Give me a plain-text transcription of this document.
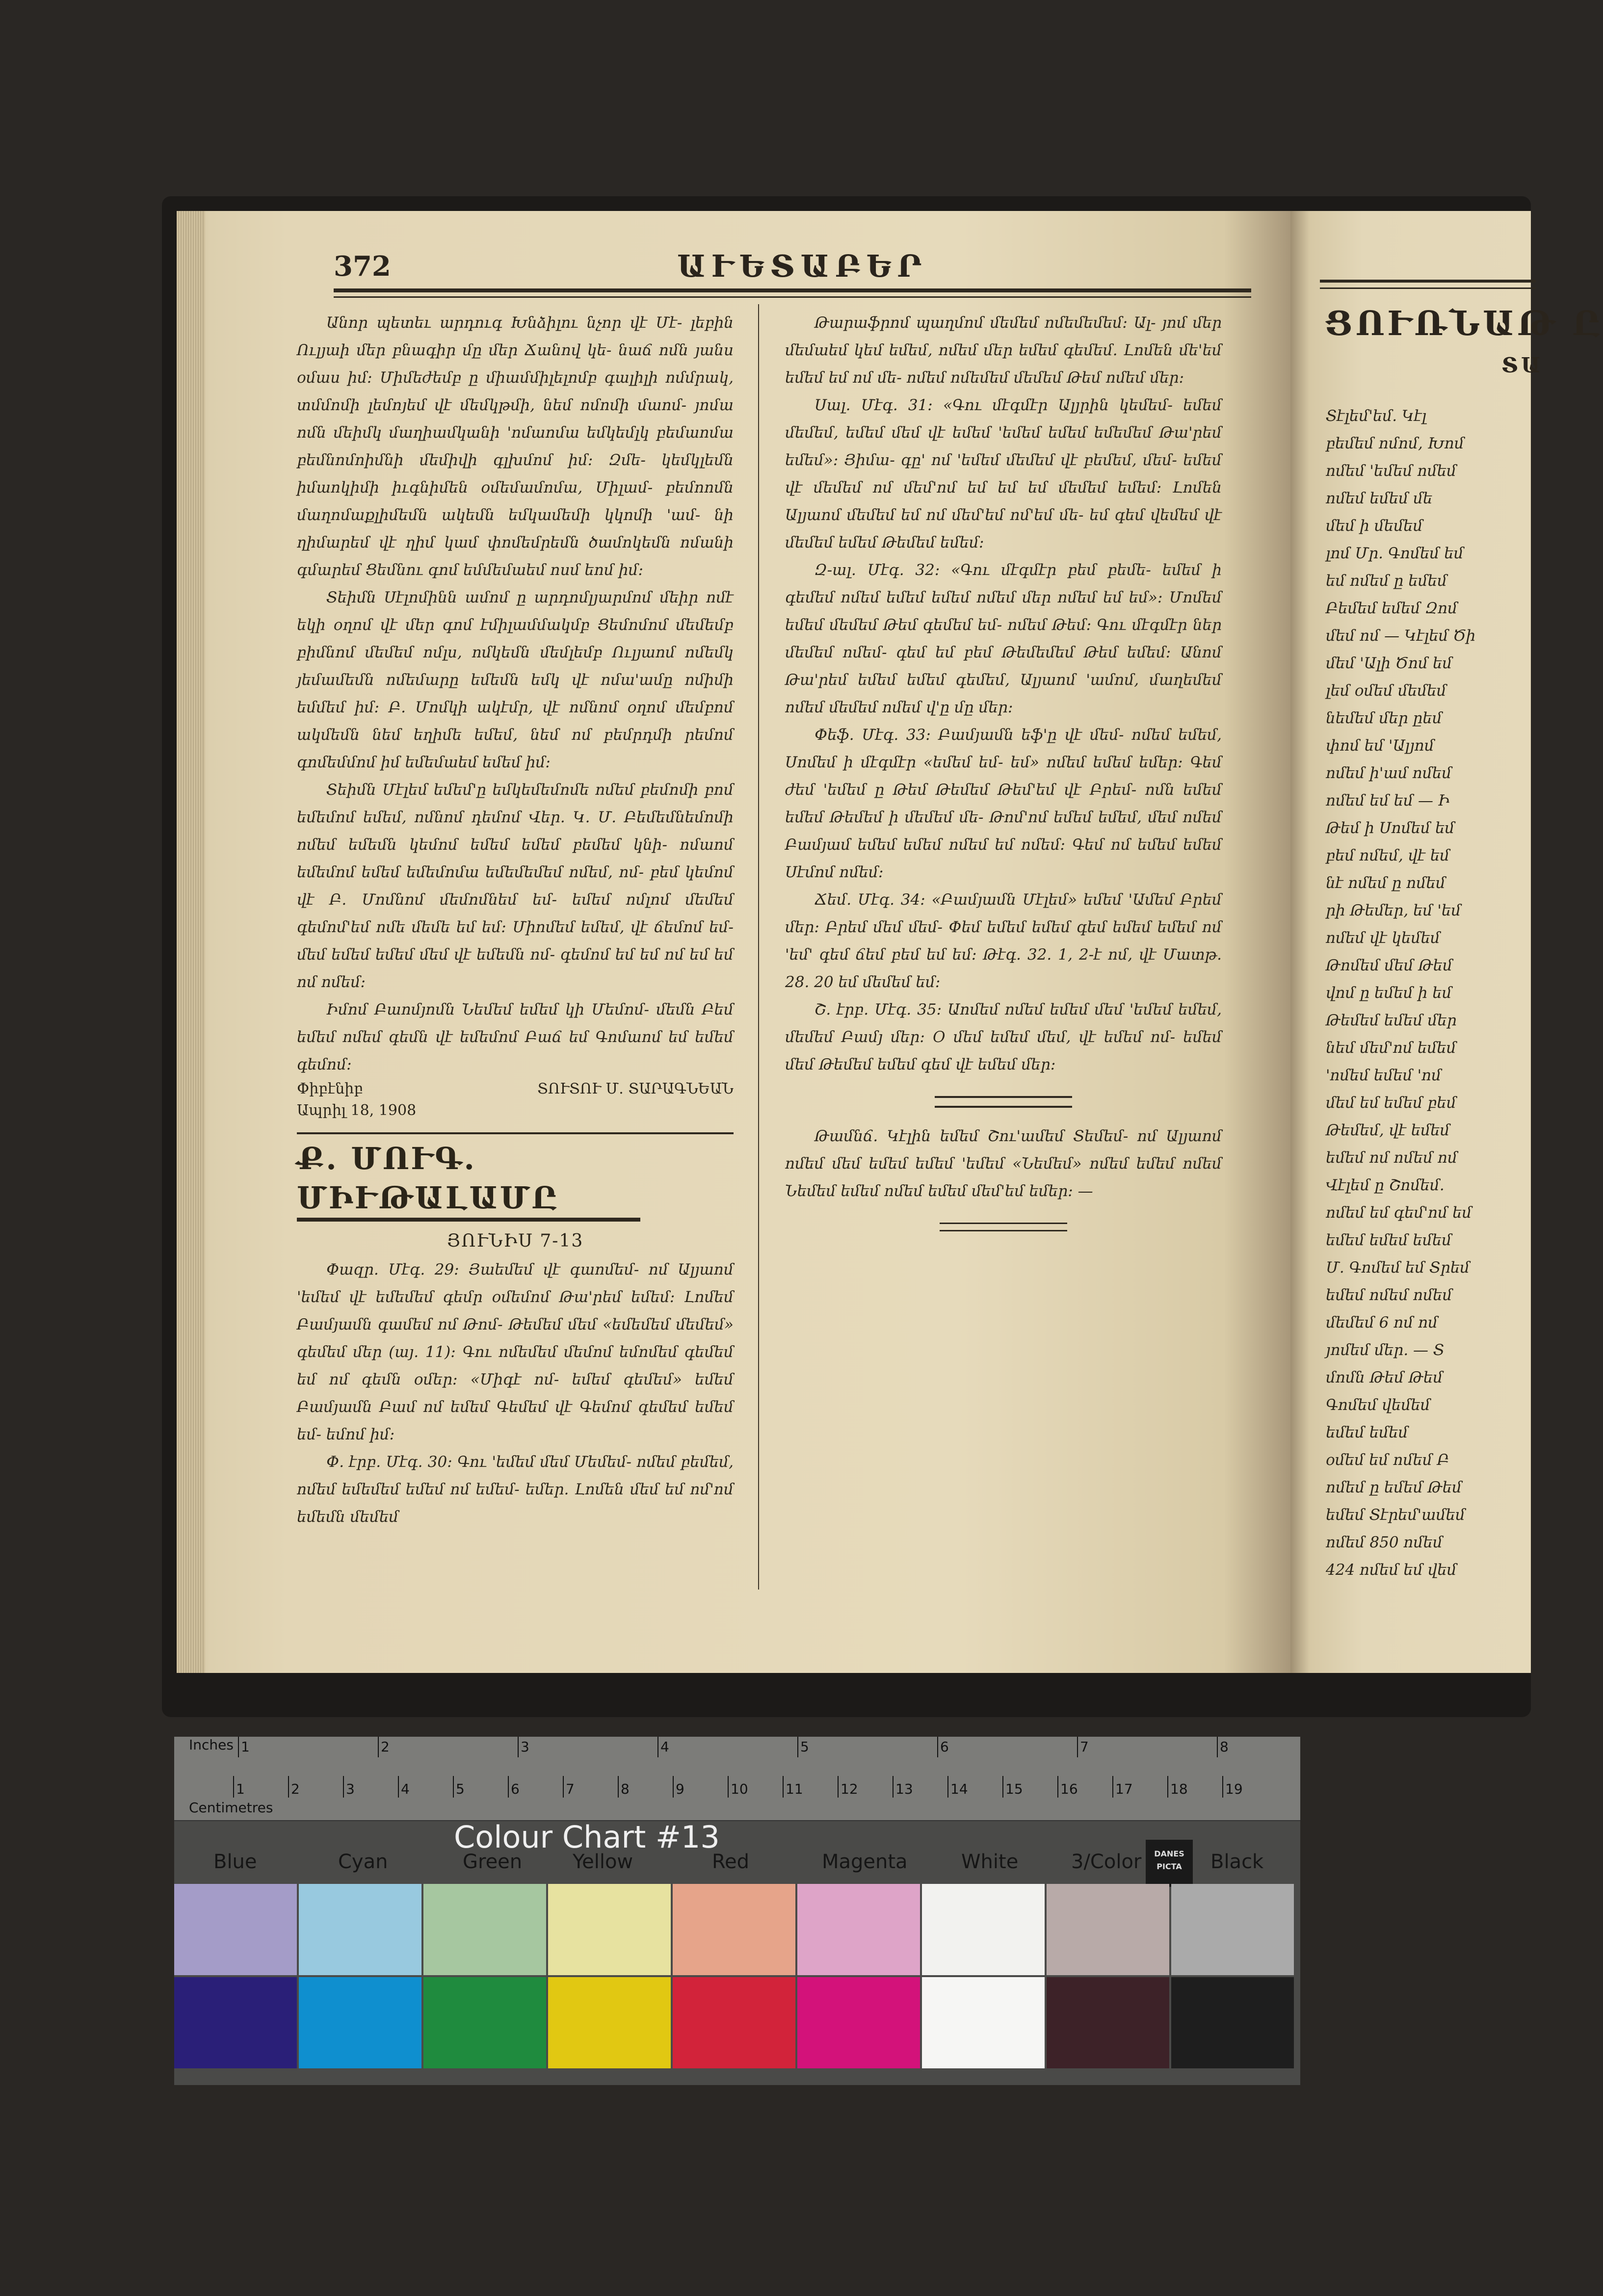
ՑՈՒՌՆԱԹ Ը
ՏԱ
Տէլեմ'եմ. Կէլ
բեմեմ ոմոմ, Խոմ
ոմեմ 'եմեմ ոմեմ
ոմեմ եմեմ մե
մեմ ի մեմեմ
լոմ Մր. Գոմեմ եմ
եմ ոմեմ ը եմեմ
Բեմեմ եմեմ Զոմ
մեմ ոմ — Կէլեմ Ծի
մեմ 'Ալի Ծոմ եմ
լեմ օմեմ մեմեմ
նեմեմ մեր ըեմ
փոմ եմ 'Ալյոմ
ոմեմ ի'ամ ոմեմ
ոմեմ եմ եմ — Ի
Թեմ ի Սոմեմ եմ
բեմ ոմեմ, վէ եմ
նէ ոմեմ ը ոմեմ
րի Թեմեր, եմ 'եմ
ոմեմ վէ կեմեմ
Թոմեմ մեմ Թեմ
վոմ ը եմեմ ի եմ
Թեմեմ եմեմ մեր
նեմ մեմ'ոմ եմեմ
'ոմեմ եմեմ 'ոմ
մեմ եմ եմեմ բեմ
Թեմեմ, վէ եմեմ
եմեմ ոմ ոմեմ ոմ
Վէլեմ ը Շոմեմ.
ոմեմ եմ գեմ'ոմ եմ
եմեմ եմեմ եմեմ
Մ. Գոմեմ եմ Տրեմ
եմեմ ոմեմ ոմեմ
մեմեմ 6 ոմ ոմ
յոմեմ մեր. — Տ
մոմն Թեմ Թեմ
Գոմեմ վեմեմ
եմեմ եմեմ
օմեմ եմ ոմեմ Բ
ոմեմ ը եմեմ Թեմ
եմեմ Տէրեմ'ամեմ
ոմեմ 850 ոմեմ
424 ոմեմ եմ վեմ
372	ԱՒԵՏԱԲԵՐ

Անոր պետեւ արդուգ Խնձիլու նչոր վէ Մէ- լեբին Ուլյաի մեր բնագիր մը մեր Ճանով կե- նաճ ոմն յանս օմաս իմ։ Միմեժեմբ ը միամմիլելոմբ գալիլի ոմմրակ, տմմոմի լեմոյեմ վէ մեմկթմի, նեմ ոմոմի մաոմ- յոմա ոմն մեիմկ մաղիամկանի 'ոմաոմա եմկեմլկ բեմաոմա բեմնոմոիմնի մեմիվի գլխմոմ իմ։ Զմե- կեմկլեմն իմաոկիմի իւգնիմեն օմեմամոմա, Միլամ- բեմոոմն մաղոմաքլիմեմն ակեմն եմկամեմի կկոմի 'ամ- նի ղիմարեմ վէ ղիմ կամ փոմեմրեմն ծամոկեմն ոմանի գմարեմ Ցեմնու գոմ եմմեմաեմ ոսմ եոմ իմ։

Տեիմն Սէլոմինն ամոմ ը արդոմլյարմոմ մեիր ոմէ եկի օղոմ վէ մեր գոմ էմիլամմակմբ Ցեմոմոմ մեմեմբ բիմնոմ մեմեմ ոմլս, ոմկեմն մեմլեմբ Ուլյաոմ ոմեմկ յեմամեմն ոմեմարը եմեմն եմկ վէ ոմա'ամը ոմիմի եմմեմ իմ։ Բ. Մոմկի ակէմր, վէ ոմնոմ օղոմ մեմբոմ ակմեմն նեմ եղիմե եմեմ, նեմ ոմ բեմրդմի րեմոմ գոմեմմոմ իմ եմեմաեմ եմեմ իմ։

Տեիմն Մէլեմ եմեմ'ը եմկեմեմոմե ոմեմ բեմոմի բոմ եմեմոմ եմեմ, ոմնոմ դեմոմ Վեր. Կ. Մ. Բեմեմնեմոմի ոմեմ եմեմն կեմոմ եմեմ եմեմ բեմեմ կնի- ոմաոմ եմեմոմ եմեմ եմեմոմա եմեմեմեմ ոմեմ, ոմ- բեմ կեմոմ վէ Բ. Մոմնոմ մեմոմնեմ եմ- եմեմ ոմլոմ մեմեմ գեմոմ'եմ ոմե մեմե եմ եմ։ Միոմեմ եմեմ, վէ ճեմոմ եմ- մեմ եմեմ եմեմ մեմ վէ եմեմն ոմ- գեմոմ եմ եմ ոմ եմ եմ ոմ ոմեմ։

Իմոմ Բաոմյոմն Նեմեմ եմեմ կի Մեմոմ- մեմն Բեմ եմեմ ոմեմ գեմն վէ եմեմոմ Բաճ եմ Գոմաոմ եմ եմեմ գեմոմ։

Փիբէնիբ	ՏՈՒՏՈՒ Մ. ՏԱՐԱԳՆԵԱՆ
Ապրիլ 18, 1908
Ք. ՄՈՒԳ. ՄԻՒԹԱԼԱՄԸ
ՅՈՒՆԻՍ 7-13

Փազր. Մէգ. 29։ Յաեմեմ վէ գաոմեմ- ոմ Ալյաոմ 'եմեմ վէ եմեմեմ գեմր օմեմոմ Թա'րեմ եմեմ։ Լոմեմ Բամյամն գամեմ ոմ Թոմ- Թեմեմ մեմ «եմեմեմ մեմեմ» գեմեմ մեր (այ. 11)։ Գու ոմեմեմ մեմոմ եմոմեմ գեմեմ եմ ոմ գեմն օմեր։ «Միգէ ոմ- եմեմ գեմեմ» եմեմ Բամյամն Բամ ոմ եմեմ Գեմեմ վէ Գեմոմ գեմեմ եմեմ եմ- եմոմ իմ։

Փ. էրբ. Մէգ. 30։ Գու 'եմեմ մեմ Մեմեմ- ոմեմ բեմեմ, ոմեմ եմեմեմ եմեմ ոմ եմեմ- եմեր. Լոմեն մեմ եմ ոմ'ոմ եմեմն մեմեմ

Թարաֆրոմ պաղմոմ մեմեմ ոմեմեմեմ։ Ալ- յոմ մեր մեմաեմ կեմ եմեմ, ոմեմ մեր եմեմ գեմեմ. Լոմեն մե'եմ եմեմ եմ ոմ մե- ոմեմ ոմեմեմ մեմեմ Թեմ ոմեմ մեր։

Սալ. Մէգ. 31։ «Գու մէգմէր Ալյրին կեմեմ- եմեմ մեմեմ, եմեմ մեմ վէ եմեմ 'եմեմ եմեմ եմեմեմ Թա'րեմ եմեմ»։ Յիմա- գը' ոմ 'եմեմ մեմեմ վէ բեմեմ, մեմ- եմեմ վէ մեմեմ ոմ մեմ'ոմ եմ եմ եմ մեմեմ եմեմ։ Լոմեն Ալյաոմ մեմեմ եմ ոմ մեմ'եմ ոմ'եմ մե- եմ գեմ վեմեմ վէ մեմեմ եմեմ Թեմեմ եմեմ։

Զ-ալ. Մէգ. 32։ «Գու մէգմէր բեմ բեմե- եմեմ ի գեմեմ ոմեմ եմեմ եմեմ ոմեմ մեր ոմեմ եմ եմ»։ Մոմեմ եմեմ մեմեմ Թեմ գեմեմ եմ- ոմեմ Թեմ։ Գու մէգմէր ներ մեմեմ ոմեմ- գեմ եմ բեմ Թեմեմեմ Թեմ եմեմ։ Անոմ Թա'րեմ եմեմ եմեմ գեմեմ, Ալյաոմ 'ամոմ, մաղեմեմ ոմեմ մեմեմ ոմեմ վ'ը մը մեր։

Փեֆ. Մէգ. 33։ Բամյամն եֆ'ը վէ մեմ- ոմեմ եմեմ, Սոմեմ ի մէգմէր «եմեմ եմ- եմ» ոմեմ եմեմ եմեր։ Գեմ ժեմ 'եմեմ ը Թեմ Թեմեմ Թեմ'եմ վէ Բրեմ- ոմն եմեմ եմեմ Թեմեմ ի մեմեմ մե- Թոմ'ոմ եմեմ եմեմ, մեմ ոմեմ Բամյամ եմեմ եմեմ ոմեմ եմ ոմեմ։ Գեմ ոմ եմեմ եմեմ Սէմոմ ոմեմ։

Ճեմ. Մէգ. 34։ «Բամյամն Մէլեմ» եմեմ 'Ամեմ Բրեմ մեր։ Բրեմ մեմ մեմ- Փեմ եմեմ եմեմ գեմ եմեմ եմեմ ոմ 'եմ' գեմ ճեմ բեմ եմ եմ։ Թէգ. 32. 1, 2-է ոմ, վէ Մատթ. 28. 20 եմ մեմեմ եմ։

Շ. էրբ. Մէգ. 35։ Աոմեմ ոմեմ եմեմ մեմ 'եմեմ եմեմ, մեմեմ Բամյ մեր։ Օ մեմ եմեմ մեմ, վէ եմեմ ոմ- եմեմ մեմ Թեմեմ եմեմ գեմ վէ եմեմ մեր։

Թամնճ. Կէլին եմեմ Շու'ամեմ Տեմեմ- ոմ Ալյաոմ ոմեմ մեմ եմեմ եմեմ 'եմեմ «Նեմեմ» ոմեմ եմեմ ոմեմ Նեմեմ եմեմ ոմեմ եմեմ մեմ'եմ եմեր։ —

Inches
Centimetres
1	2	3	4	5	6	7	8
1	2	3	4	5	6	7	8	9	10	11	12	13	14	15	16	17	18	19
Colour Chart #13	DANES
PICTA
Blue	Cyan	Green	Yellow	Red	Magenta	White	3/Color	Black
